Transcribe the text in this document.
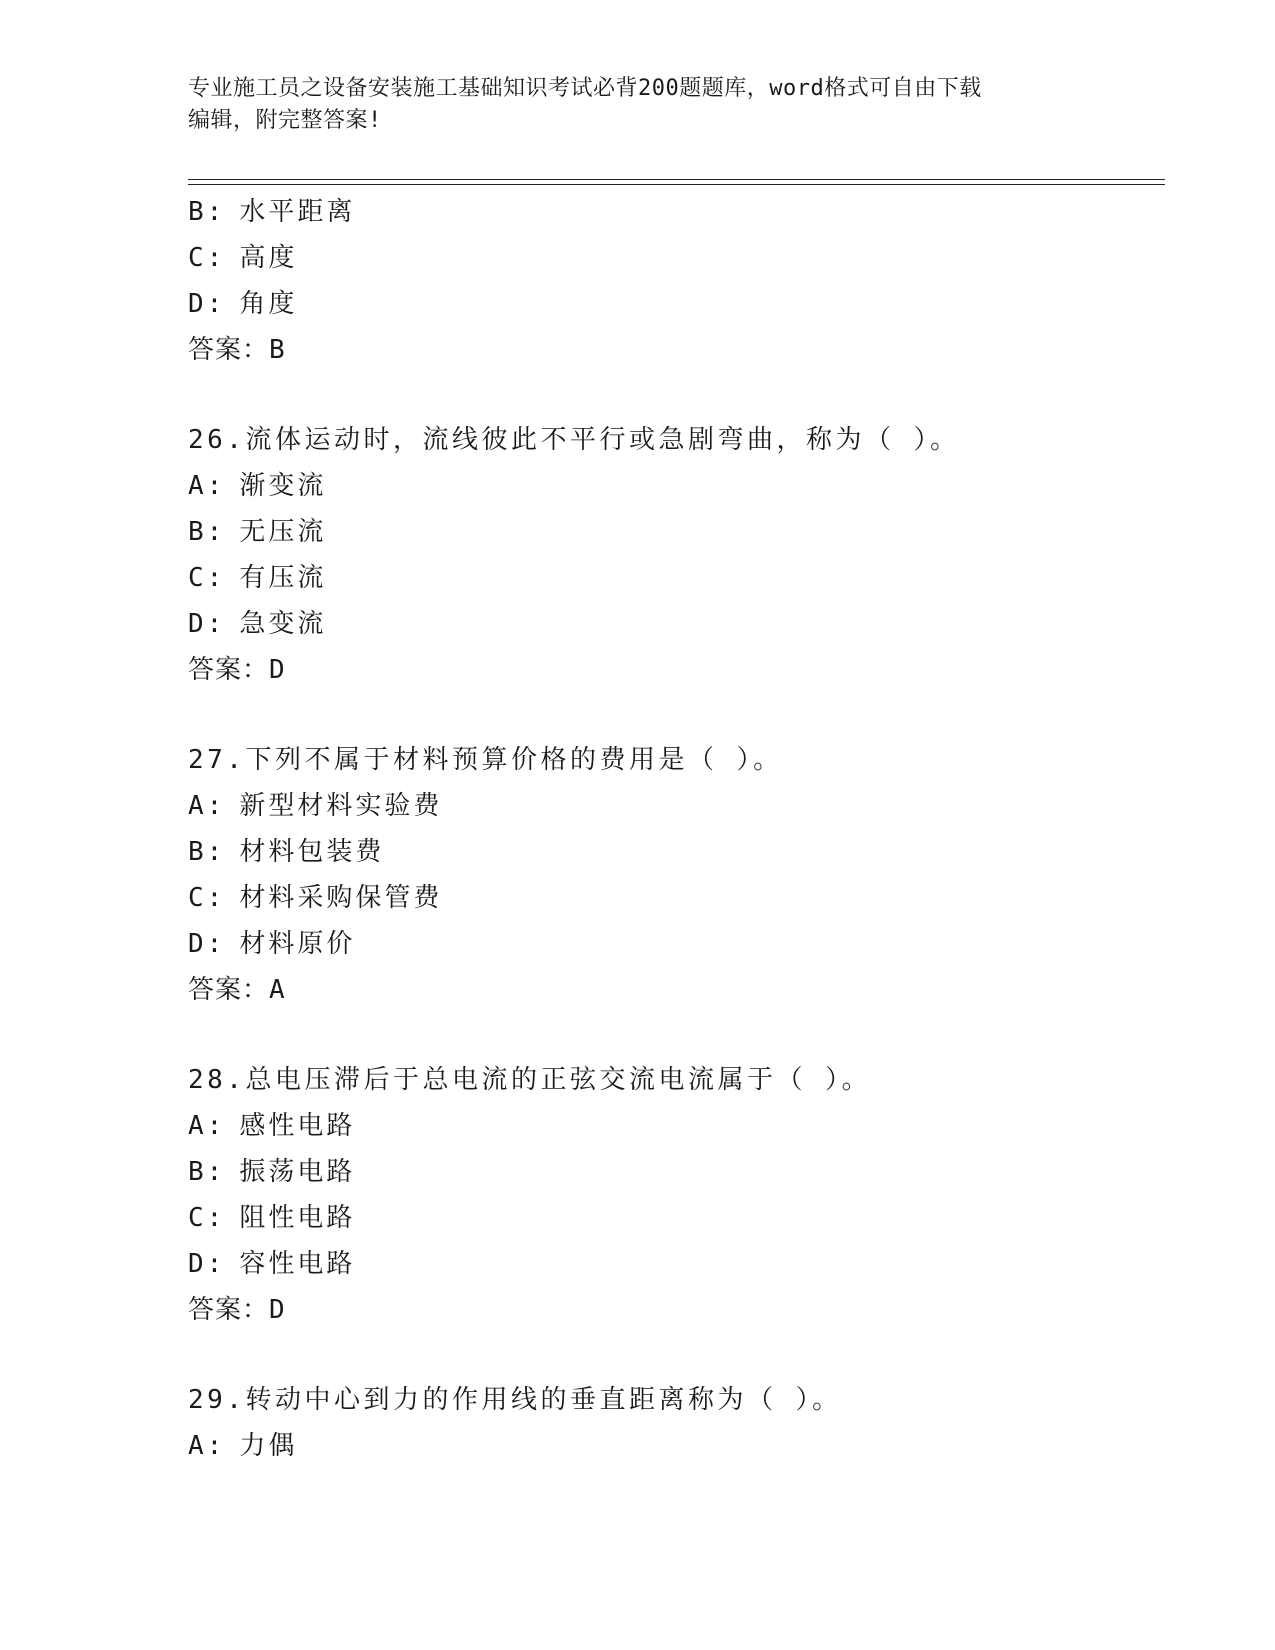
专业施工员之设备安装施工基础知识考试必背200题题库，word格式可自由下载
编辑，附完整答案!
B: 水平距离
C: 高度
D: 角度
答案：B
26.流体运动时，流线彼此不平行或急剧弯曲，称为（ ）。
A: 渐变流
B: 无压流
C: 有压流
D: 急变流
答案：D
27.下列不属于材料预算价格的费用是（ ）。
A: 新型材料实验费
B: 材料包装费
C: 材料采购保管费
D: 材料原价
答案：A
28.总电压滞后于总电流的正弦交流电流属于（ ）。
A: 感性电路
B: 振荡电路
C: 阻性电路
D: 容性电路
答案：D
29.转动中心到力的作用线的垂直距离称为（ ）。
A: 力偶
